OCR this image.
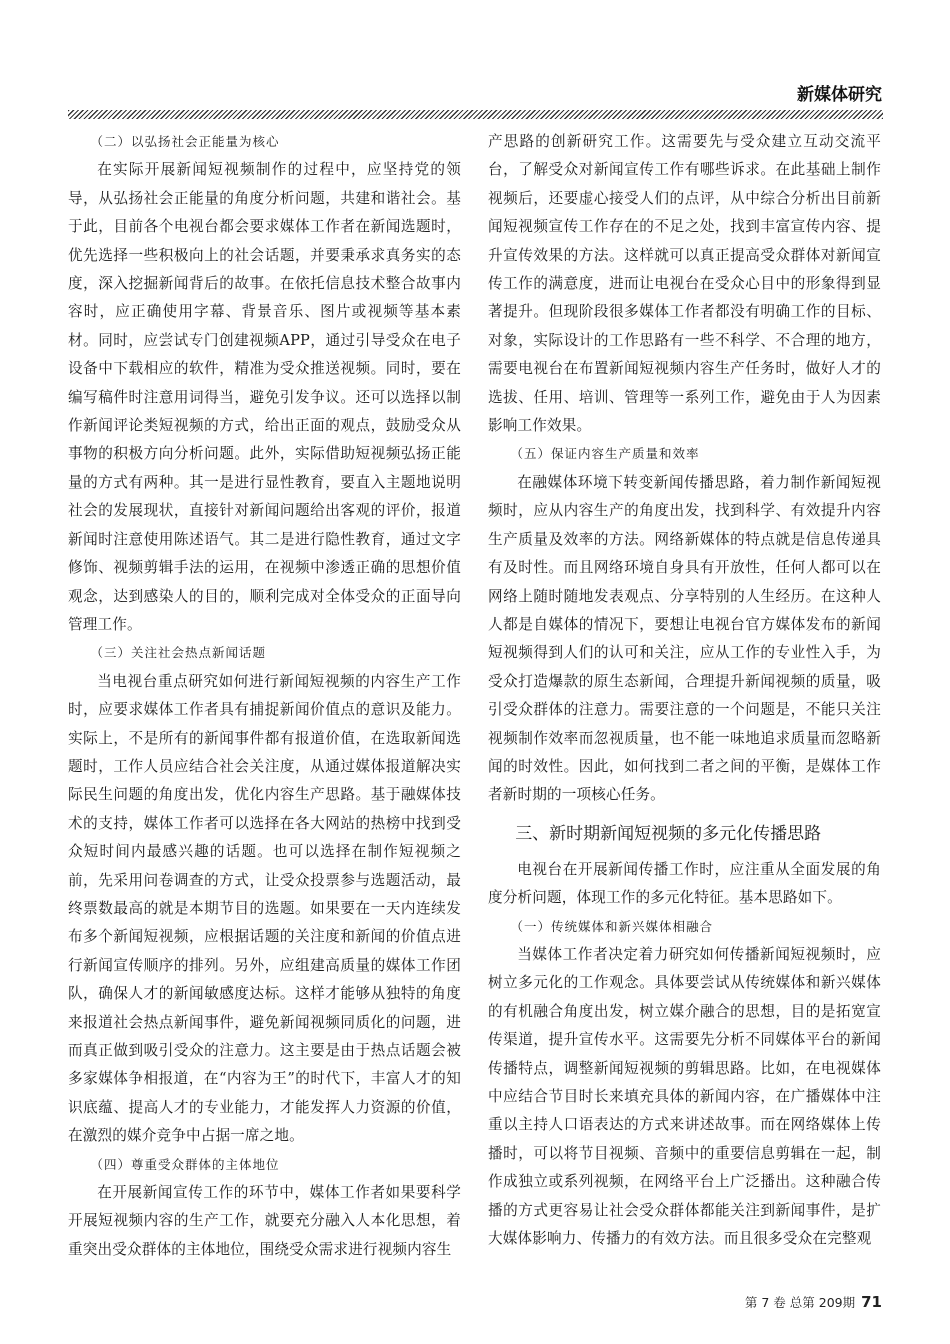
新媒体研究
（二）以弘扬社会正能量为核心

在实际开展新闻短视频制作的过程中，应坚持党的领导，从弘扬社会正能量的角度分析问题，共建和谐社会。基于此，目前各个电视台都会要求媒体工作者在新闻选题时，优先选择一些积极向上的社会话题，并要秉承求真务实的态度，深入挖掘新闻背后的故事。在依托信息技术整合故事内容时，应正确使用字幕、背景音乐、图片或视频等基本素材。同时，应尝试专门创建视频APP，通过引导受众在电子设备中下载相应的软件，精准为受众推送视频。同时，要在编写稿件时注意用词得当，避免引发争议。还可以选择以制作新闻评论类短视频的方式，给出正面的观点，鼓励受众从事物的积极方向分析问题。此外，实际借助短视频弘扬正能量的方式有两种。其一是进行显性教育，要直入主题地说明社会的发展现状，直接针对新闻问题给出客观的评价，报道新闻时注意使用陈述语气。其二是进行隐性教育，通过文字修饰、视频剪辑手法的运用，在视频中渗透正确的思想价值观念，达到感染人的目的，顺利完成对全体受众的正面导向管理工作。

（三）关注社会热点新闻话题

当电视台重点研究如何进行新闻短视频的内容生产工作时，应要求媒体工作者具有捕捉新闻价值点的意识及能力。实际上，不是所有的新闻事件都有报道价值，在选取新闻选题时，工作人员应结合社会关注度，从通过媒体报道解决实际民生问题的角度出发，优化内容生产思路。基于融媒体技术的支持，媒体工作者可以选择在各大网站的热榜中找到受众短时间内最感兴趣的话题。也可以选择在制作短视频之前，先采用问卷调查的方式，让受众投票参与选题活动，最终票数最高的就是本期节目的选题。如果要在一天内连续发布多个新闻短视频，应根据话题的关注度和新闻的价值点进行新闻宣传顺序的排列。另外，应组建高质量的媒体工作团队，确保人才的新闻敏感度达标。这样才能够从独特的角度来报道社会热点新闻事件，避免新闻视频同质化的问题，进而真正做到吸引受众的注意力。这主要是由于热点话题会被多家媒体争相报道，在“内容为王”的时代下，丰富人才的知识底蕴、提高人才的专业能力，才能发挥人力资源的价值，在激烈的媒介竞争中占据一席之地。

（四）尊重受众群体的主体地位

在开展新闻宣传工作的环节中，媒体工作者如果要科学开展短视频内容的生产工作，就要充分融入人本化思想，着重突出受众群体的主体地位，围绕受众需求进行视频内容生

产思路的创新研究工作。这需要先与受众建立互动交流平台，了解受众对新闻宣传工作有哪些诉求。在此基础上制作视频后，还要虚心接受人们的点评，从中综合分析出目前新闻短视频宣传工作存在的不足之处，找到丰富宣传内容、提升宣传效果的方法。这样就可以真正提高受众群体对新闻宣传工作的满意度，进而让电视台在受众心目中的形象得到显著提升。但现阶段很多媒体工作者都没有明确工作的目标、对象，实际设计的工作思路有一些不科学、不合理的地方，需要电视台在布置新闻短视频内容生产任务时，做好人才的选拔、任用、培训、管理等一系列工作，避免由于人为因素影响工作效果。

（五）保证内容生产质量和效率

在融媒体环境下转变新闻传播思路，着力制作新闻短视频时，应从内容生产的角度出发，找到科学、有效提升内容生产质量及效率的方法。网络新媒体的特点就是信息传递具有及时性。而且网络环境自身具有开放性，任何人都可以在网络上随时随地发表观点、分享特别的人生经历。在这种人人都是自媒体的情况下，要想让电视台官方媒体发布的新闻短视频得到人们的认可和关注，应从工作的专业性入手，为受众打造爆款的原生态新闻，合理提升新闻视频的质量，吸引受众群体的注意力。需要注意的一个问题是，不能只关注视频制作效率而忽视质量，也不能一味地追求质量而忽略新闻的时效性。因此，如何找到二者之间的平衡，是媒体工作者新时期的一项核心任务。

三、新时期新闻短视频的多元化传播思路

电视台在开展新闻传播工作时，应注重从全面发展的角度分析问题，体现工作的多元化特征。基本思路如下。

（一）传统媒体和新兴媒体相融合

当媒体工作者决定着力研究如何传播新闻短视频时，应树立多元化的工作观念。具体要尝试从传统媒体和新兴媒体的有机融合角度出发，树立媒介融合的思想，目的是拓宽宣传渠道，提升宣传水平。这需要先分析不同媒体平台的新闻传播特点，调整新闻短视频的剪辑思路。比如，在电视媒体中应结合节目时长来填充具体的新闻内容，在广播媒体中注重以主持人口语表达的方式来讲述故事。而在网络媒体上传播时，可以将节目视频、音频中的重要信息剪辑在一起，制作成独立或系列视频，在网络平台上广泛播出。这种融合传播的方式更容易让社会受众群体都能关注到新闻事件，是扩大媒体影响力、传播力的有效方法。而且很多受众在完整观

第 7 卷 总第 209期 71
